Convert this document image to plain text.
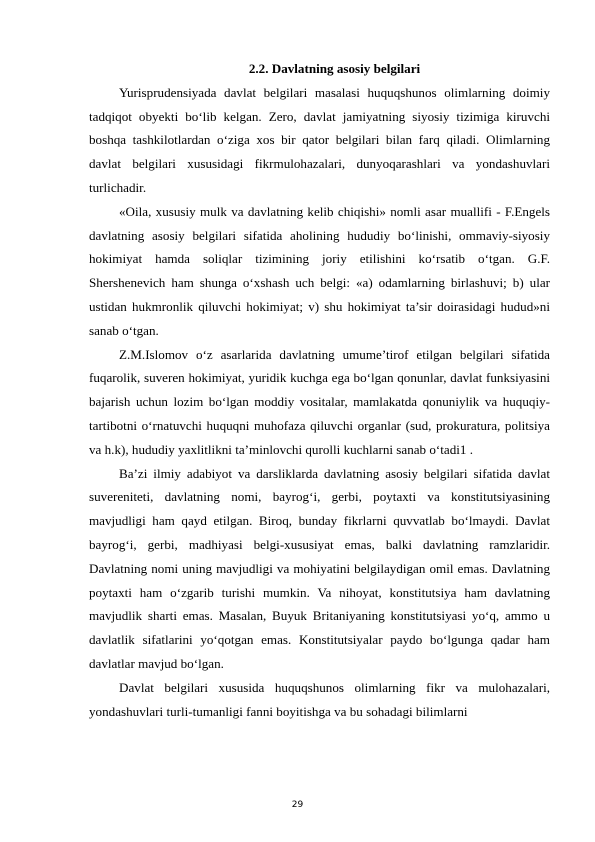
2.2. Davlatning asosiy belgilari

Yurisprudensiyada davlat belgilari masalasi huquqshunos olimlarning doimiy tadqiqot obyekti bo‘lib kelgan. Zero, davlat jamiyatning siyosiy tizimiga kiruvchi boshqa tashkilotlardan o‘ziga xos bir qator belgilari bilan farq qiladi. Olimlarning davlat belgilari xususidagi fikrmulohazalari, dunyoqarashlari va yondashuvlari turlichadir.

«Oila, xususiy mulk va davlatning kelib chiqishi» nomli asar muallifi - F.Engels davlatning asosiy belgilari sifatida aholining hududiy bo‘linishi, ommaviy-siyosiy hokimiyat hamda soliqlar tizimining joriy etilishini ko‘rsatib o‘tgan. G.F. Shershenevich ham shunga o‘xshash uch belgi: «a) odamlarning birlashuvi; b) ular ustidan hukmronlik qiluvchi hokimiyat; v) shu hokimiyat ta’sir doirasidagi hudud»ni sanab o‘tgan.

Z.M.Islomov o‘z asarlarida davlatning umume’tirof etilgan belgilari sifatida fuqarolik, suveren hokimiyat, yuridik kuchga ega bo‘lgan qonunlar, davlat funksiyasini bajarish uchun lozim bo‘lgan moddiy vositalar, mamlakatda qonuniylik va huquqiy-tartibotni o‘rnatuvchi huquqni muhofaza qiluvchi organlar (sud, prokuratura, politsiya va h.k), hududiy yaxlitlikni ta’minlovchi qurolli kuchlarni sanab o‘tadi1 .

Ba’zi ilmiy adabiyot va darsliklarda davlatning asosiy belgilari sifatida davlat suvereniteti, davlatning nomi, bayrog‘i, gerbi, poytaxti va konstitutsiyasining mavjudligi ham qayd etilgan. Biroq, bunday fikrlarni quvvatlab bo‘lmaydi. Davlat bayrog‘i, gerbi, madhiyasi belgi-xususiyat emas, balki davlatning ramzlaridir. Davlatning nomi uning mavjudligi va mohiyatini belgilaydigan omil emas. Davlatning poytaxti ham o‘zgarib turishi mumkin. Va nihoyat, konstitutsiya ham davlatning mavjudlik sharti emas. Masalan, Buyuk Britaniyaning konstitutsiyasi yo‘q, ammo u davlatlik sifatlarini yo‘qotgan emas. Konstitutsiyalar paydo bo‘lgunga qadar ham davlatlar mavjud bo‘lgan.

Davlat belgilari xususida huquqshunos olimlarning fikr va mulohazalari, yondashuvlari turli-tumanligi fanni boyitishga va bu sohadagi bilimlarni

29
